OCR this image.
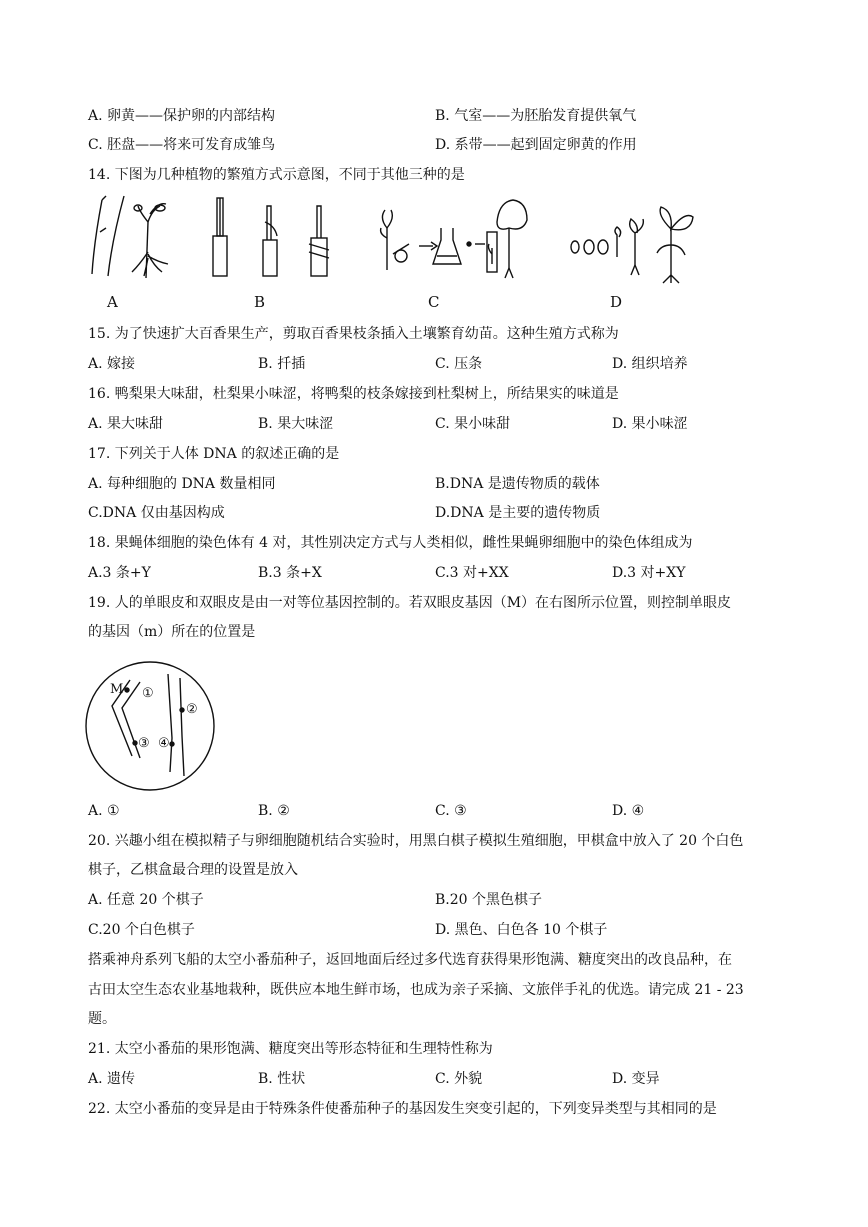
A. 卵黄——保护卵的内部结构	B. 气室——为胚胎发育提供氧气
C. 胚盘——将来可发育成雏鸟	D. 系带——起到固定卵黄的作用
14. 下图为几种植物的繁殖方式示意图，不同于其他三种的是
A	B	C	D
15. 为了快速扩大百香果生产，剪取百香果枝条插入土壤繁育幼苗。这种生殖方式称为
A. 嫁接	B. 扦插	C. 压条	D. 组织培养
16. 鸭梨果大味甜，杜梨果小味涩，将鸭梨的枝条嫁接到杜梨树上，所结果实的味道是
A. 果大味甜	B. 果大味涩	C. 果小味甜	D. 果小味涩
17. 下列关于人体 DNA 的叙述正确的是
A. 每种细胞的 DNA 数量相同	B.DNA 是遗传物质的载体
C.DNA 仅由基因构成	D.DNA 是主要的遗传物质
18. 果蝇体细胞的染色体有 4 对，其性别决定方式与人类相似，雌性果蝇卵细胞中的染色体组成为
A.3 条+Y	B.3 条+X	C.3 对+XX	D.3 对+XY
19. 人的单眼皮和双眼皮是由一对等位基因控制的。若双眼皮基因（M）在右图所示位置，则控制单眼皮
的基因（m）所在的位置是
M ①
②
③ ④
A. ①	B. ②	C. ③	D. ④
20. 兴趣小组在模拟精子与卵细胞随机结合实验时，用黑白棋子模拟生殖细胞，甲棋盒中放入了 20 个白色
棋子，乙棋盒最合理的设置是放入
A. 任意 20 个棋子	B.20 个黑色棋子
C.20 个白色棋子	D. 黑色、白色各 10 个棋子
搭乘神舟系列飞船的太空小番茄种子，返回地面后经过多代选育获得果形饱满、糖度突出的改良品种，在
古田太空生态农业基地栽种，既供应本地生鲜市场，也成为亲子采摘、文旅伴手礼的优选。请完成 21 - 23
题。
21. 太空小番茄的果形饱满、糖度突出等形态特征和生理特性称为
A. 遗传	B. 性状	C. 外貌	D. 变异
22. 太空小番茄的变异是由于特殊条件使番茄种子的基因发生突变引起的，下列变异类型与其相同的是
